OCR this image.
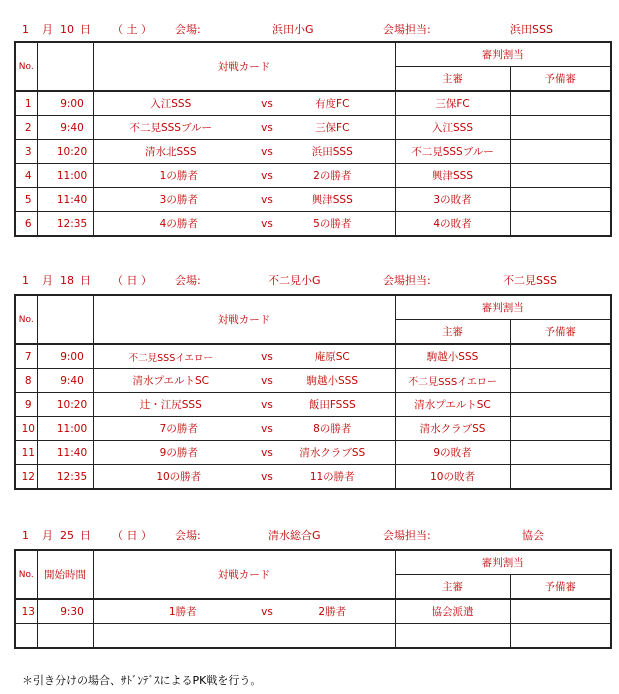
1 月 10 日 （ 土 ） 会場:	浜田小G	会場担当:	浜田SSS
No.		対戦カード			審判割当	
					主審	予備審
1	9:00	入江SSS	vs	有度FC	三保FC	
2	9:40	不二見SSSブルー	vs	三保FC	入江SSS	
3	10:20	清水北SSS	vs	浜田SSS	不二見SSSブルー	
4	11:00	1の勝者	vs	2の勝者	興津SSS	
5	11:40	3の勝者	vs	興津SSS	3の敗者	
6	12:35	4の勝者	vs	5の勝者	4の敗者	
1 月 18 日 （ 日 ） 会場:	不二見小G	会場担当:	不二見SSS
No.		対戦カード			審判割当	
					主審	予備審
7	9:00	不二見SSSイエロー	vs	庵原SC	駒越小SSS	
8	9:40	清水プエルトSC	vs	駒越小SSS	不二見SSSイエロー	
9	10:20	辻・江尻SSS	vs	飯田FSSS	清水プエルトSC	
10	11:00	7の勝者	vs	8の勝者	清水クラブSS	
11	11:40	9の勝者	vs	清水クラブSS	9の敗者	
12	12:35	10の勝者	vs	11の勝者	10の敗者	
1 月 25 日 （ 日 ） 会場:	清水総合G	会場担当:	協会
No.	開始時間	対戦カード			審判割当	
					主審	予備審
13	9:30	1勝者	vs	2勝者	協会派遣	

＊引き分けの場合、ｻﾄﾞﾝﾃﾞｽによるPK戦を行う。
